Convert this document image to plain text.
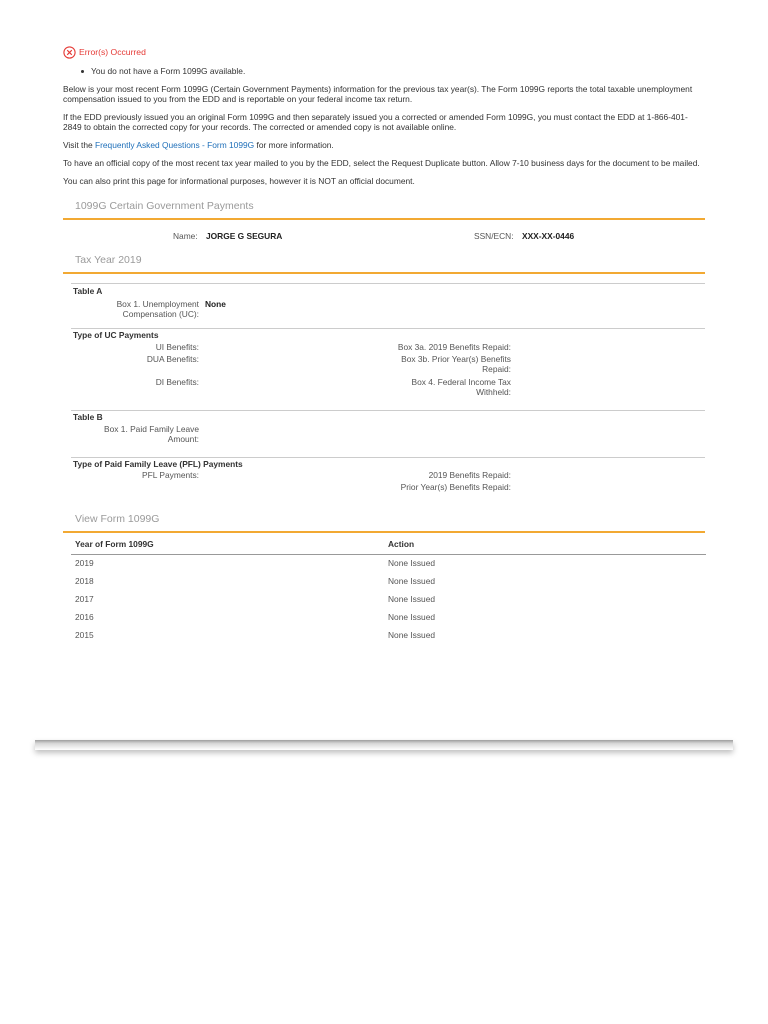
Error(s) Occurred
You do not have a Form 1099G available.

Below is your most recent Form 1099G (Certain Government Payments) information for the previous tax year(s). The Form 1099G reports the total taxable unemployment compensation issued to you from the EDD and is reportable on your federal income tax return.

If the EDD previously issued you an original Form 1099G and then separately issued you a corrected or amended Form 1099G, you must contact the EDD at 1-866-401-2849 to obtain the corrected copy for your records. The corrected or amended copy is not available online.

Visit the Frequently Asked Questions - Form 1099G for more information.

To have an official copy of the most recent tax year mailed to you by the EDD, select the Request Duplicate button. Allow 7-10 business days for the document to be mailed.

You can also print this page for informational purposes, however it is NOT an official document.

1099G Certain Government Payments
Name: JORGE G SEGURA	SSN/ECN: XXX-XX-0446
Tax Year 2019
Table A
Box 1. Unemployment Compensation (UC):
None
Type of UC Payments
UI Benefits:
DUA Benefits:
DI Benefits:
Box 3a. 2019 Benefits Repaid:
Box 3b. Prior Year(s) Benefits Repaid:
Box 4. Federal Income Tax Withheld:
Table B
Box 1. Paid Family Leave Amount:
Type of Paid Family Leave (PFL) Payments
PFL Payments:	2019 Benefits Repaid:
Prior Year(s) Benefits Repaid:
View Form 1099G
Year of Form 1099G	Action
2019	None Issued
2018	None Issued
2017	None Issued
2016	None Issued
2015	None Issued
